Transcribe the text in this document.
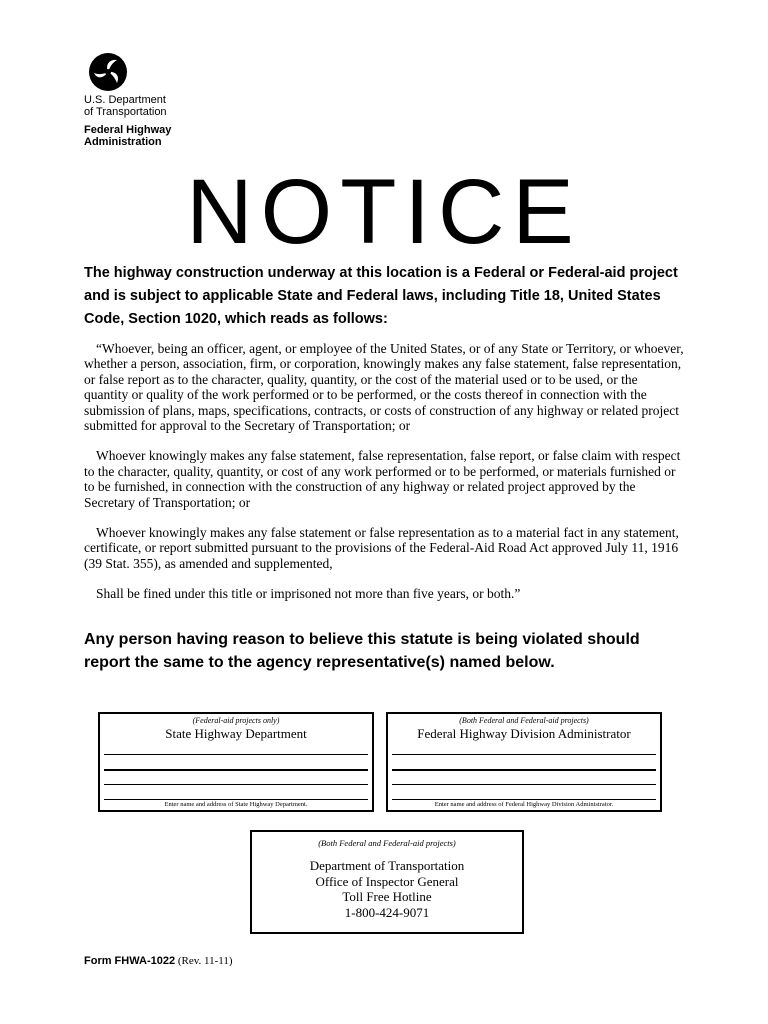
U.S. Department
of Transportation
Federal Highway
Administration
NOTICE
The highway construction underway at this location is a Federal or Federal-aid project and is subject to applicable State and Federal laws, including Title 18, United States Code, Section 1020, which reads as follows:

“Whoever, being an officer, agent, or employee of the United States, or of any State or Territory, or whoever, whether a person, association, firm, or corporation, knowingly makes any false statement, false representation, or false report as to the character, quality, quantity, or the cost of the material used or to be used, or the quantity or quality of the work performed or to be performed, or the costs thereof in connection with the submission of plans, maps, specifications, contracts, or costs of construction of any highway or related project submitted for approval to the Secretary of Transportation; or

Whoever knowingly makes any false statement, false representation, false report, or false claim with respect to the character, quality, quantity, or cost of any work performed or to be performed, or materials furnished or to be furnished, in connection with the construction of any highway or related project approved by the Secretary of Transportation; or

Whoever knowingly makes any false statement or false representation as to a material fact in any statement, certificate, or report submitted pursuant to the provisions of the Federal-Aid Road Act approved July 11, 1916 (39 Stat. 355), as amended and supplemented,

Shall be fined under this title or imprisoned not more than five years, or both.”

Any person having reason to believe this statute is being violated should report the same to the agency representative(s) named below.
(Federal-aid projects only)
State Highway Department
Enter name and address of State Highway Department.
(Both Federal and Federal-aid projects)
Federal Highway Division Administrator
Enter name and address of Federal Highway Division Administrator.
(Both Federal and Federal-aid projects)
Department of Transportation
Office of Inspector General
Toll Free Hotline
1-800-424-9071
Form FHWA-1022 (Rev. 11-11)
